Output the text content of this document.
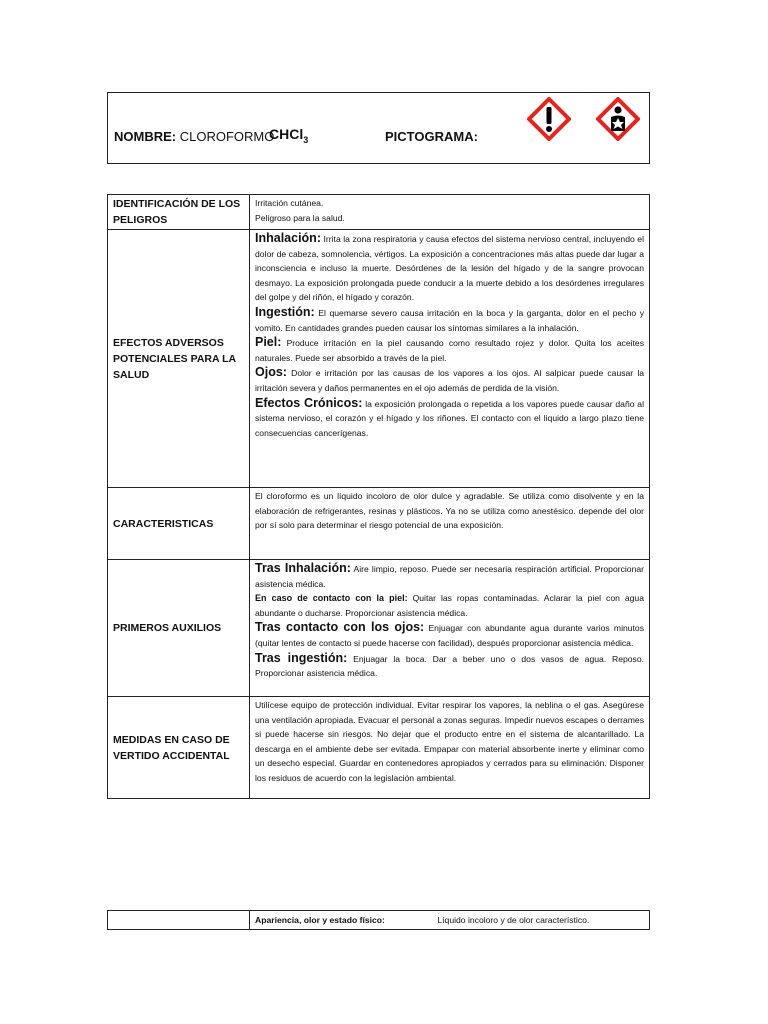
NOMBRE: CLOROFORMO
CHCl$_3$	PICTOGRAMA:
IDENTIFICACIÓN DE LOS PELIGROS	Irritación cutánea.
Peligroso para la salud.

EFECTOS ADVERSOS POTENCIALES PARA LA SALUD	Inhalación: Irrita la zona respiratoria y causa efectos del sistema nervioso central, incluyendo el dolor de cabeza, somnolencia, vértigos. La exposición a concentraciones más altas puede dar lugar a inconsciencia e incluso la muerte. Desórdenes de la lesión del hígado y de la sangre provocan desmayo. La exposición prolongada puede conducir a la muerte debido a los desórdenes irregulares del golpe y del riñón, el hígado y corazón.

Ingestión: El quemarse severo causa irritación en la boca y la garganta, dolor en el pecho y vomito. En cantidades grandes pueden causar los síntomas similares a la inhalación.

Piel: Produce irritación en la piel causando como resultado rojez y dolor. Quita los aceites naturales. Puede ser absorbido a través de la piel.

Ojos: Dolor e irritación por las causas de los vapores a los ojos. Al salpicar puede causar la irritación severa y daños permanentes en el ojo además de perdida de la visión.

Efectos Crónicos: la exposición prolongada o repetida a los vapores puede causar daño al sistema nervioso, el corazón y el hígado y los riñones. El contacto con el liquido a largo plazo tiene consecuencias cancerígenas.

CARACTERISTICAS	El cloroformo es un líquido incoloro de olor dulce y agradable. Se utiliza como disolvente y en la elaboración de refrigerantes, resinas y plásticos. Ya no se utiliza como anestésico. depende del olor por sí solo para determinar el riesgo potencial de una exposición.
PRIMEROS AUXILIOS	Tras Inhalación: Aire limpio, reposo. Puede ser necesaria respiración artificial. Proporcionar asistencia médica.

En caso de contacto con la piel: Quitar las ropas contaminadas. Aclarar la piel con agua abundante o ducharse. Proporcionar asistencia médica.

Tras contacto con los ojos: Enjuagar con abundante agua durante varios minutos (quitar lentes de contacto si puede hacerse con facilidad), después proporcionar asistencia médica.

Tras ingestión: Enjuagar la boca. Dar a beber uno o dos vasos de agua. Reposo. Proporcionar asistencia médica.

MEDIDAS EN CASO DE VERTIDO ACCIDENTAL	Utilícese equipo de protección individual. Evitar respirar los vapores, la neblina o el gas. Asegúrese una ventilación apropiada. Evacuar el personal a zonas seguras. Impedir nuevos escapes o derrames si puede hacerse sin riesgos. No dejar que el producto entre en el sistema de alcantarillado. La descarga en el ambiente debe ser evitada. Empapar con material absorbente inerte y eliminar como un desecho especial. Guardar en contenedores apropiados y cerrados para su eliminación. Disponer los residuos de acuerdo con la legislación ambiental.
	Apariencia, olor y estado físico:	Líquido incoloro y de olor característico.
